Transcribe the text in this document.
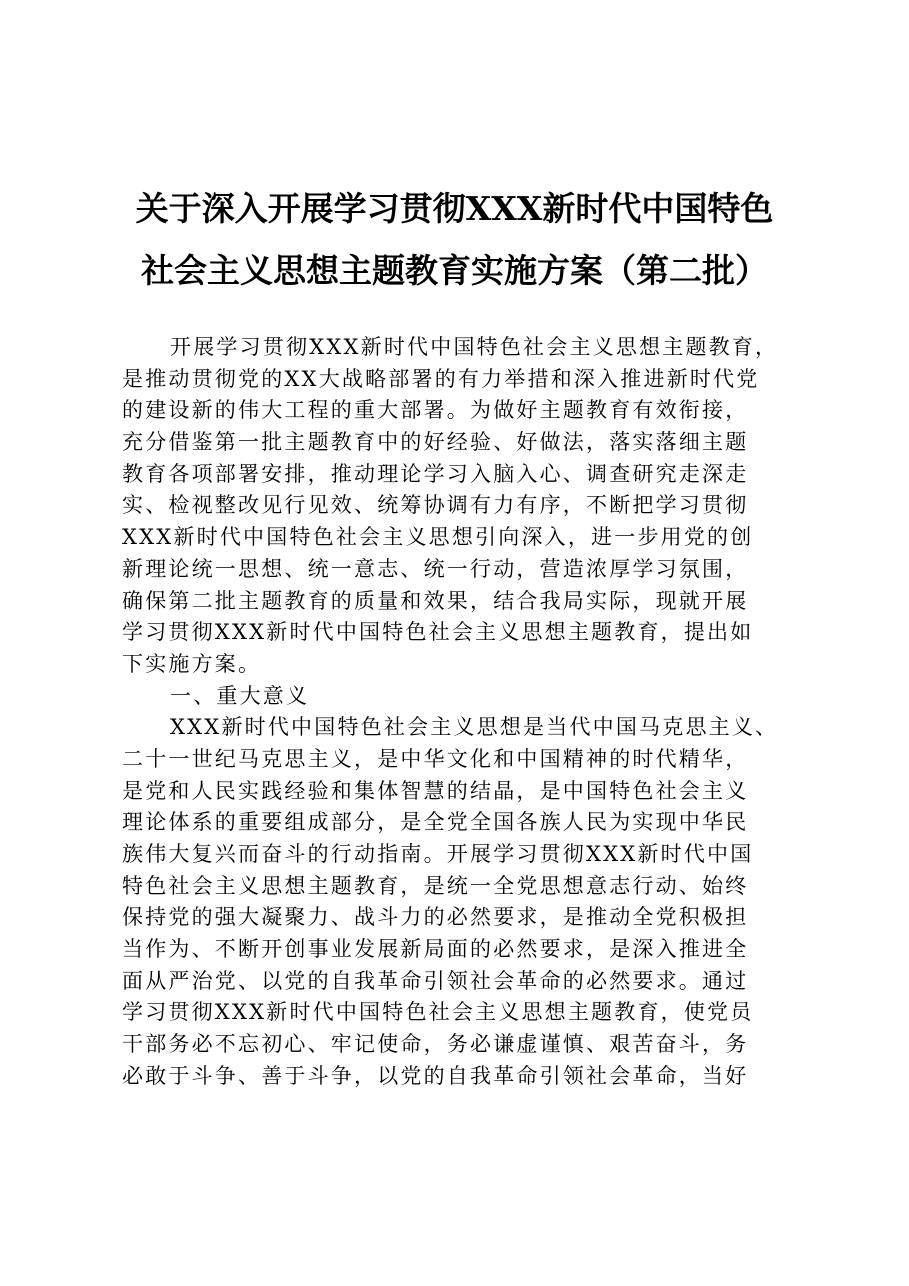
关于深入开展学习贯彻XXX新时代中国特色
社会主义思想主题教育实施方案（第二批）
开展学习贯彻XXX新时代中国特色社会主义思想主题教育，
是推动贯彻党的XX大战略部署的有力举措和深入推进新时代党
的建设新的伟大工程的重大部署。为做好主题教育有效衔接，
充分借鉴第一批主题教育中的好经验、好做法，落实落细主题
教育各项部署安排，推动理论学习入脑入心、调查研究走深走
实、检视整改见行见效、统筹协调有力有序，不断把学习贯彻
XXX新时代中国特色社会主义思想引向深入，进一步用党的创
新理论统一思想、统一意志、统一行动，营造浓厚学习氛围，
确保第二批主题教育的质量和效果，结合我局实际，现就开展
学习贯彻XXX新时代中国特色社会主义思想主题教育，提出如
下实施方案。
一、重大意义
XXX新时代中国特色社会主义思想是当代中国马克思主义、
二十一世纪马克思主义，是中华文化和中国精神的时代精华，
是党和人民实践经验和集体智慧的结晶，是中国特色社会主义
理论体系的重要组成部分，是全党全国各族人民为实现中华民
族伟大复兴而奋斗的行动指南。开展学习贯彻XXX新时代中国
特色社会主义思想主题教育，是统一全党思想意志行动、始终
保持党的强大凝聚力、战斗力的必然要求，是推动全党积极担
当作为、不断开创事业发展新局面的必然要求，是深入推进全
面从严治党、以党的自我革命引领社会革命的必然要求。通过
学习贯彻XXX新时代中国特色社会主义思想主题教育，使党员
干部务必不忘初心、牢记使命，务必谦虚谨慎、艰苦奋斗，务
必敢于斗争、善于斗争，以党的自我革命引领社会革命，当好
